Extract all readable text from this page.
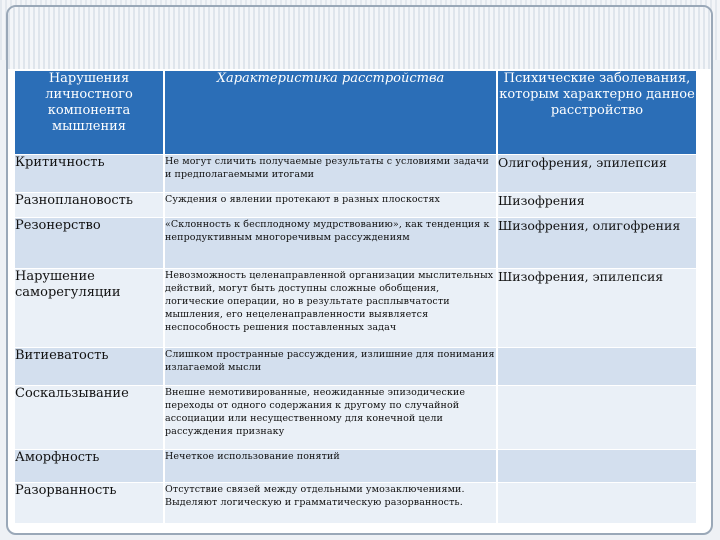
Нарушения личностного компонента мышления	Характеристика расстройства	Психические заболевания, которым характерно данное расстройство
Критичность	Не могут сличить получаемые результаты с условиями задачи и предполагаемыми итогами	Олигофрения, эпилепсия
Разноплановость	Суждения о явлении протекают в разных плоскостях	Шизофрения
Резонерство	«Склонность к бесплодному мудрствованию», как тенденция к непродуктивным многоречивым рассуждениям	Шизофрения, олигофрения
Нарушение саморегуляции	Невозможность целенаправленной организации мыслительных действий, могут быть доступны сложные обобщения, логические операции, но в результате расплывчатости мышления, его нецеленаправленности выявляется неспособность решения поставленных задач	Шизофрения, эпилепсия
Витиеватость	Слишком пространные рассуждения, излишние для понимания излагаемой мысли	
Соскальзывание	Внешне немотивированные, неожиданные эпизодические переходы от одного содержания к другому по случайной ассоциации или несущественному для конечной цели рассуждения признаку	
Аморфность	Нечеткое использование понятий	
Разорванность	Отсутствие связей между отдельными умозаключениями. Выделяют логическую и грамматическую разорванность.	
